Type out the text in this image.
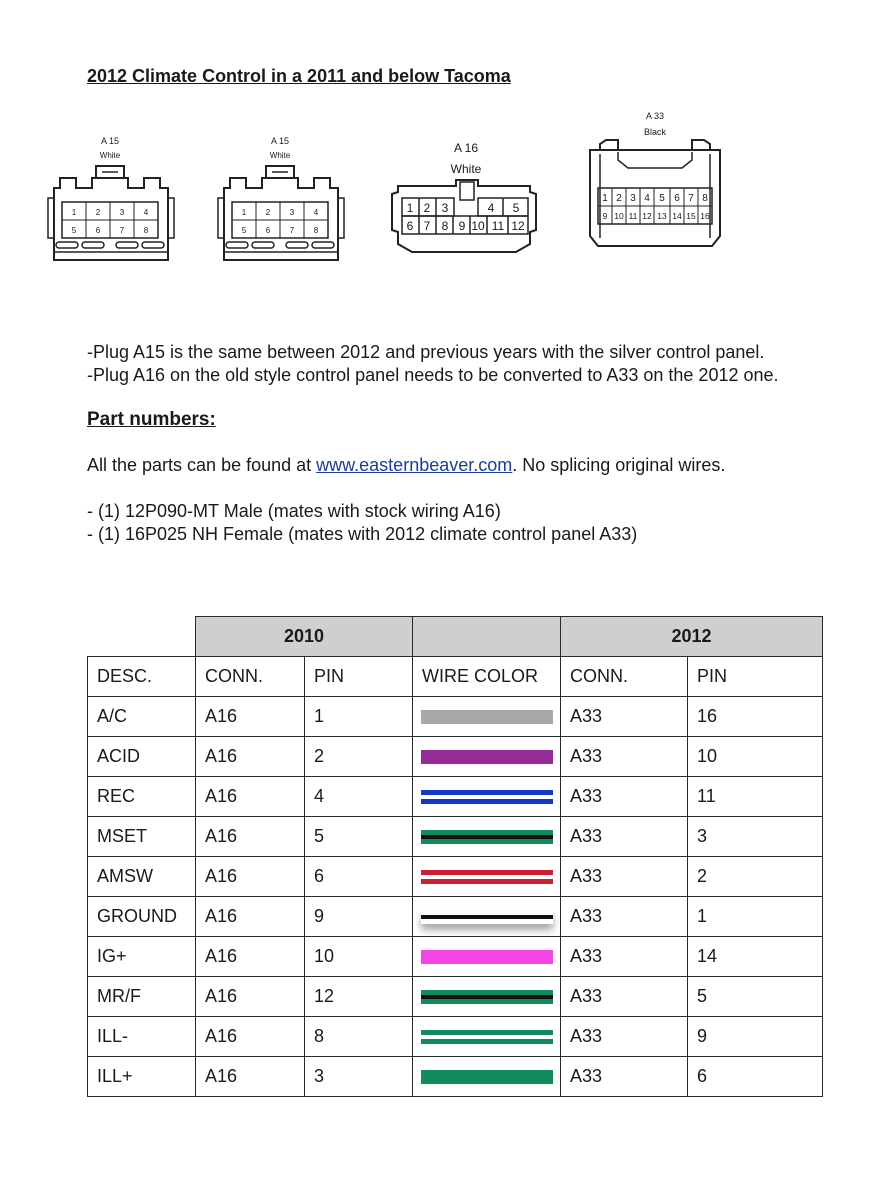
2012 Climate Control in a 2011 and below Tacoma
A 15
White
1 2 3 4
5 6 7 8
A 15
White
1 2 3 4
5 6 7 8
A 16
White
1 2 3	4 5
6 7 8 9 10 11 12
A 33
Black
1 2 3 4 5 6 7 8
9 10 11 12 13 14 15 16

-Plug A15 is the same between 2012 and previous years with the silver control panel.

-Plug A16 on the old style control panel needs to be converted to A33 on the 2012 one.

Part numbers:

All the parts can be found at www.easternbeaver.com. No splicing original wires.

- (1) 12P090-MT Male (mates with stock wiring A16)

- (1) 16P025 NH Female (mates with 2012 climate control panel A33)

	2010			2012	
DESC.	CONN.	PIN	WIRE COLOR	CONN.	PIN
A/C	A16	1		A33	16
ACID	A16	2		A33	10
REC	A16	4		A33	11
MSET	A16	5		A33	3
AMSW	A16	6		A33	2
GROUND	A16	9		A33	1
IG+	A16	10		A33	14
MR/F	A16	12		A33	5
ILL-	A16	8		A33	9
ILL+	A16	3		A33	6
